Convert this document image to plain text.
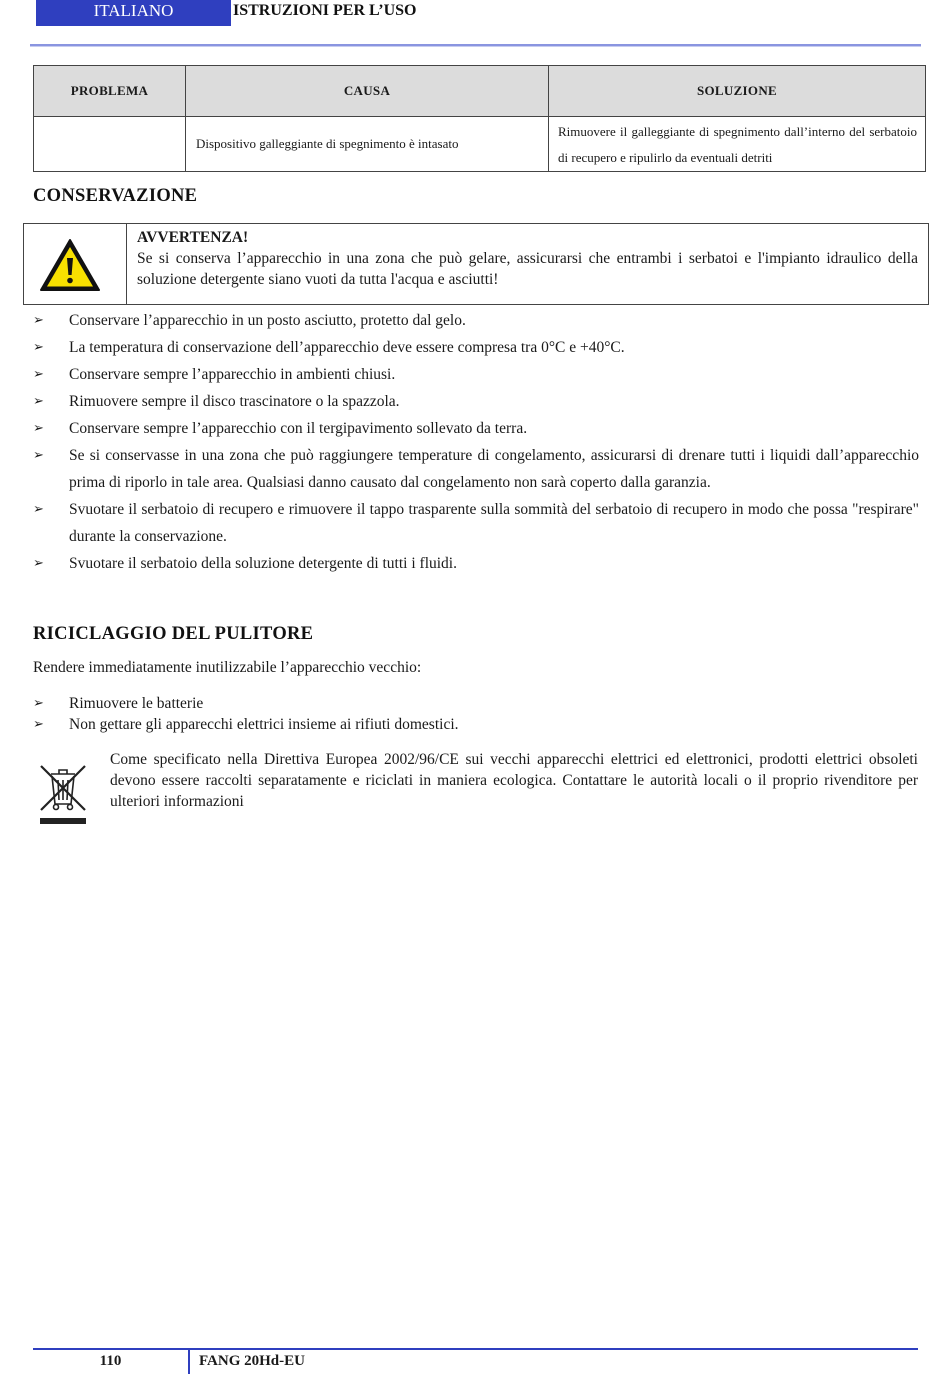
ITALIANO	ISTRUZIONI PER L’USO
PROBLEMA	CAUSA	SOLUZIONE
	Dispositivo galleggiante di spegnimento è intasato	Rimuovere il galleggiante di spegnimento dall’interno del serbatoio di recupero e ripulirlo da eventuali detriti
CONSERVAZIONE
AVVERTENZA!
Se si conserva l’apparecchio in una zona che può gelare, assicurarsi che entrambi i serbatoi e l'impianto idraulico della soluzione detergente siano vuoti da tutta l'acqua e asciutti!
➢ Conservare l’apparecchio in un posto asciutto, protetto dal gelo.
➢ La temperatura di conservazione dell’apparecchio deve essere compresa tra 0°C e +40°C.
➢ Conservare sempre l’apparecchio in ambienti chiusi.
➢ Rimuovere sempre il disco trascinatore o la spazzola.
➢ Conservare sempre l’apparecchio con il tergipavimento sollevato da terra.
➢ Se si conservasse in una zona che può raggiungere temperature di congelamento, assicurarsi di drenare tutti i liquidi dall’apparecchio prima di riporlo in tale area. Qualsiasi danno causato dal congelamento non sarà coperto dalla garanzia.
➢ Svuotare il serbatoio di recupero e rimuovere il tappo trasparente sulla sommità del serbatoio di recupero in modo che possa "respirare" durante la conservazione.
➢ Svuotare il serbatoio della soluzione detergente di tutti i fluidi.
RICICLAGGIO DEL PULITORE
Rendere immediatamente inutilizzabile l’apparecchio vecchio:
➢ Rimuovere le batterie
➢ Non gettare gli apparecchi elettrici insieme ai rifiuti domestici.
Come specificato nella Direttiva Europea 2002/96/CE sui vecchi apparecchi elettrici ed elettronici, prodotti elettrici obsoleti devono essere raccolti separatamente e riciclati in maniera ecologica. Contattare le autorità locali o il proprio rivenditore per ulteriori informazioni
110	FANG 20Hd-EU
